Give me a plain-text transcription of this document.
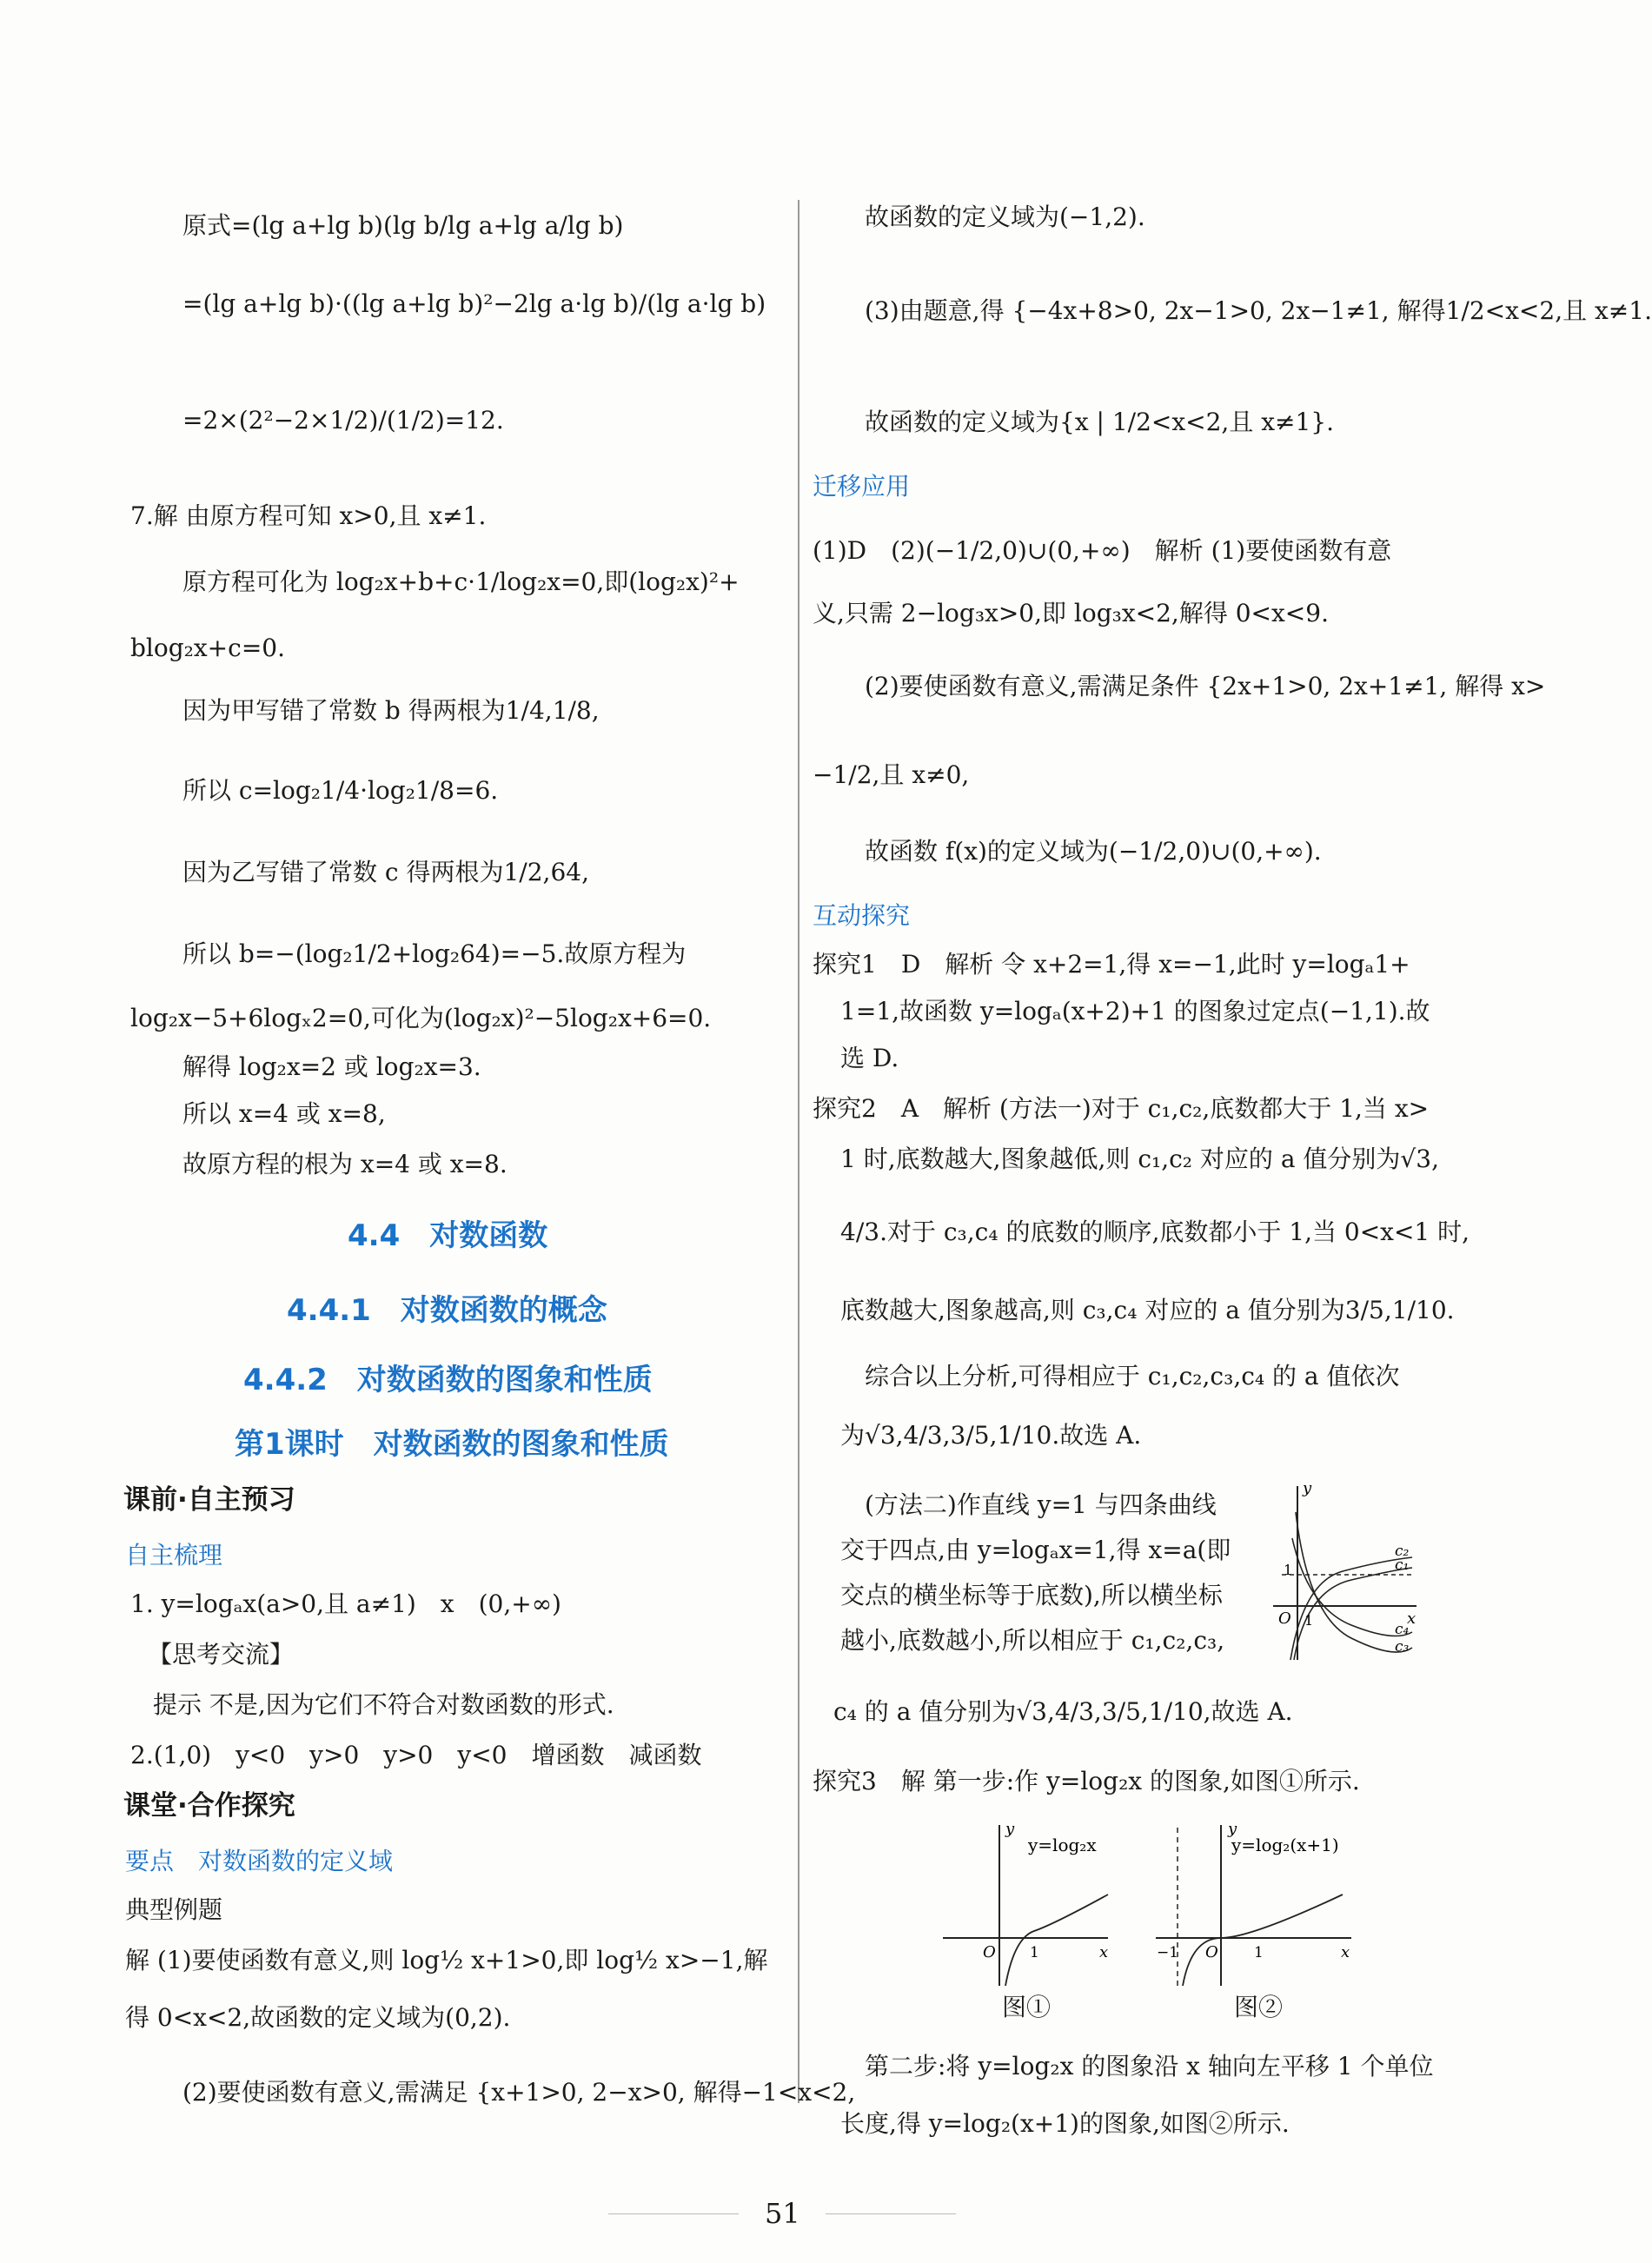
原式=(lg a+lg b)(lg b/lg a+lg a/lg b)
=(lg a+lg b)·((lg a+lg b)²−2lg a·lg b)/(lg a·lg b)
=2×(2²−2×1/2)/(1/2)=12.
7.解 由原方程可知 x>0,且 x≠1.
原方程可化为 log₂x+b+c·1/log₂x=0,即(log₂x)²+
blog₂x+c=0.
因为甲写错了常数 b 得两根为1/4,1/8,
所以 c=log₂1/4·log₂1/8=6.
因为乙写错了常数 c 得两根为1/2,64,
所以 b=−(log₂1/2+log₂64)=−5.故原方程为
log₂x−5+6logₓ2=0,可化为(log₂x)²−5log₂x+6=0.
解得 log₂x=2 或 log₂x=3.
所以 x=4 或 x=8,
故原方程的根为 x=4 或 x=8.
4.4　对数函数
4.4.1　对数函数的概念
4.4.2　对数函数的图象和性质
第1课时　对数函数的图象和性质
课前·自主预习
自主梳理
1. y=logₐx(a>0,且 a≠1)　x　(0,+∞)
【思考交流】
提示 不是,因为它们不符合对数函数的形式.
2.(1,0)　y<0　y>0　y>0　y<0　增函数　减函数
课堂·合作探究
要点　对数函数的定义域
典型例题
解 (1)要使函数有意义,则 log½ x+1>0,即 log½ x>−1,解
得 0<x<2,故函数的定义域为(0,2).
(2)要使函数有意义,需满足 {x+1>0, 2−x>0, 解得−1<x<2,
故函数的定义域为(−1,2).
(3)由题意,得 {−4x+8>0, 2x−1>0, 2x−1≠1, 解得1/2<x<2,且 x≠1.
故函数的定义域为{x | 1/2<x<2,且 x≠1}.
迁移应用
(1)D　(2)(−1/2,0)∪(0,+∞)　解析 (1)要使函数有意
义,只需 2−log₃x>0,即 log₃x<2,解得 0<x<9.
(2)要使函数有意义,需满足条件 {2x+1>0, 2x+1≠1, 解得 x>
−1/2,且 x≠0,
故函数 f(x)的定义域为(−1/2,0)∪(0,+∞).
互动探究
探究1　D　解析 令 x+2=1,得 x=−1,此时 y=logₐ1+
1=1,故函数 y=logₐ(x+2)+1 的图象过定点(−1,1).故
选 D.
探究2　A　解析 (方法一)对于 c₁,c₂,底数都大于 1,当 x>
1 时,底数越大,图象越低,则 c₁,c₂ 对应的 a 值分别为√3,
4/3.对于 c₃,c₄ 的底数的顺序,底数都小于 1,当 0<x<1 时,
底数越大,图象越高,则 c₃,c₄ 对应的 a 值分别为3/5,1/10.
综合以上分析,可得相应于 c₁,c₂,c₃,c₄ 的 a 值依次
为√3,4/3,3/5,1/10.故选 A.
(方法二)作直线 y=1 与四条曲线
交于四点,由 y=logₐx=1,得 x=a(即
交点的横坐标等于底数),所以横坐标
越小,底数越小,所以相应于 c₁,c₂,c₃,
c₄ 的 a 值分别为√3,4/3,3/5,1/10,故选 A.
探究3　解 第一步:作 y=log₂x 的图象,如图①所示.
y
x
O
1
1
c₂
c₁
c₄
c₃
y
x
O 1
y=log₂x
图①
y
x
O
−1	1
y=log₂(x+1)
图②
第二步:将 y=log₂x 的图象沿 x 轴向左平移 1 个单位
长度,得 y=log₂(x+1)的图象,如图②所示.
51
